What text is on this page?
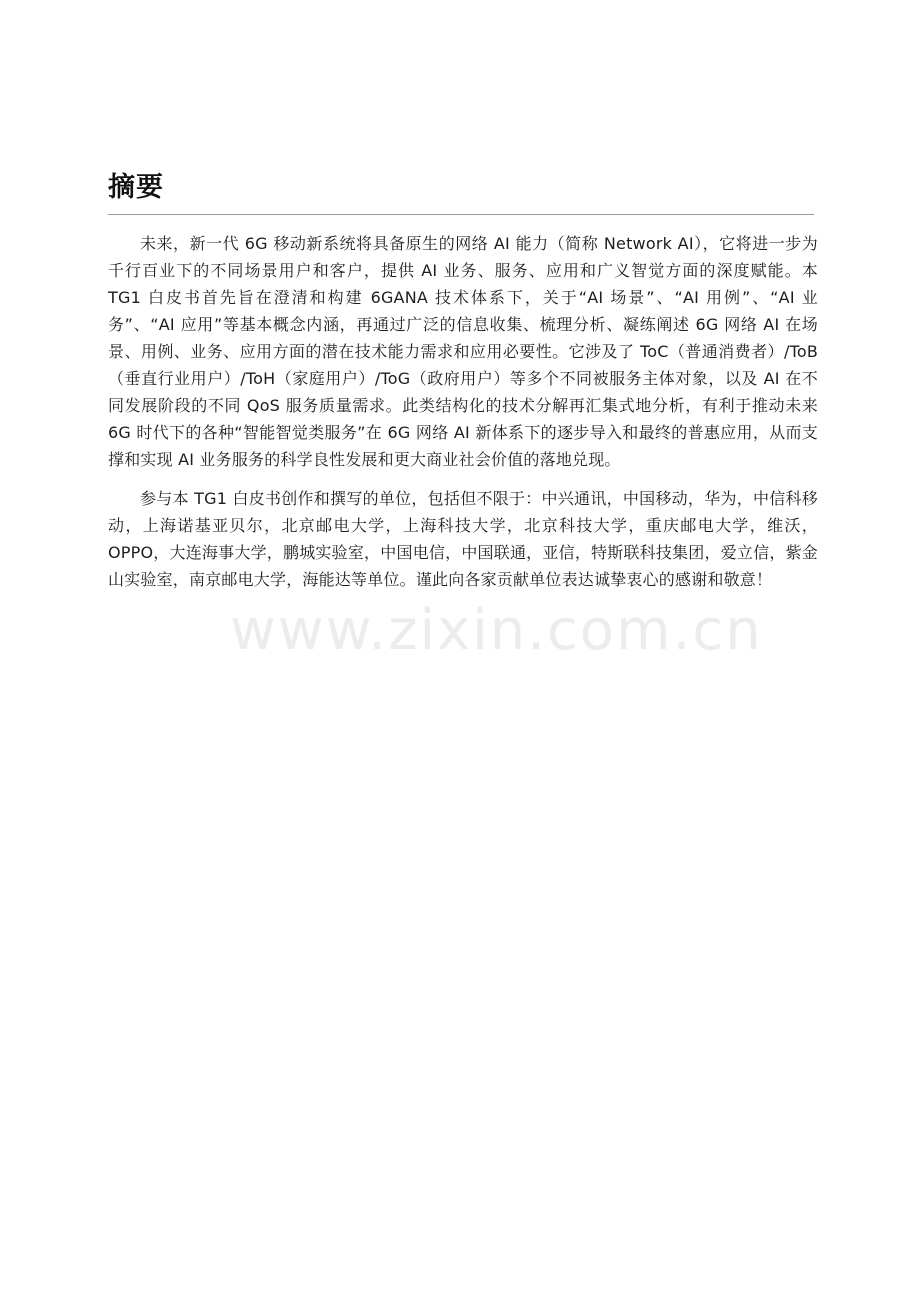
摘要

未来，新一代 6G 移动新系统将具备原生的网络 AI 能力（简称 Network AI），它将进一步为千行百业下的不同场景用户和客户，提供 AI 业务、服务、应用和广义智觉方面的深度赋能。本 TG1 白皮书首先旨在澄清和构建 6GANA 技术体系下，关于“AI 场景”、“AI 用例”、“AI 业务”、“AI 应用”等基本概念内涵，再通过广泛的信息收集、梳理分析、凝练阐述 6G 网络 AI 在场景、用例、业务、应用方面的潜在技术能力需求和应用必要性。它涉及了 ToC（普通消费者）/ToB（垂直行业用户）/ToH（家庭用户）/ToG（政府用户）等多个不同被服务主体对象，以及 AI 在不同发展阶段的不同 QoS 服务质量需求。此类结构化的技术分解再汇集式地分析，有利于推动未来 6G 时代下的各种“智能智觉类服务”在 6G 网络 AI 新体系下的逐步导入和最终的普惠应用，从而支撑和实现 AI 业务服务的科学良性发展和更大商业社会价值的落地兑现。

参与本 TG1 白皮书创作和撰写的单位，包括但不限于：中兴通讯，中国移动，华为，中信科移动，上海诺基亚贝尔，北京邮电大学，上海科技大学，北京科技大学，重庆邮电大学，维沃，OPPO，大连海事大学，鹏城实验室，中国电信，中国联通，亚信，特斯联科技集团，爱立信，紫金山实验室，南京邮电大学，海能达等单位。谨此向各家贡献单位表达诚挚衷心的感谢和敬意！

www.zixin.com.cn
